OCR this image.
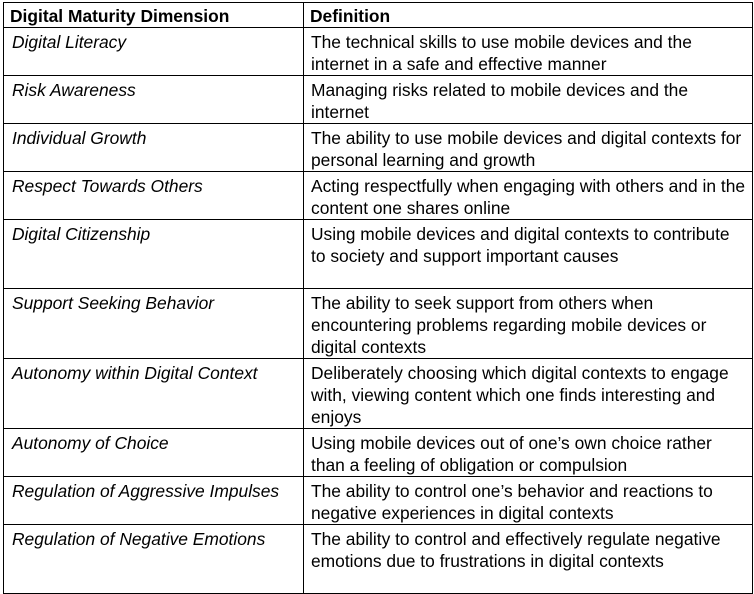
Digital Maturity Dimension	Definition
Digital Literacy	The technical skills to use mobile devices and the internet in a safe and effective manner
Risk Awareness	Managing risks related to mobile devices and the internet
Individual Growth	The ability to use mobile devices and digital contexts for personal learning and growth
Respect Towards Others	Acting respectfully when engaging with others and in the content one shares online
Digital Citizenship	Using mobile devices and digital contexts to contribute to society and support important causes
Support Seeking Behavior	The ability to seek support from others when encountering problems regarding mobile devices or digital contexts
Autonomy within Digital Context	Deliberately choosing which digital contexts to engage with, viewing content which one finds interesting and enjoys
Autonomy of Choice	Using mobile devices out of one’s own choice rather than a feeling of obligation or compulsion
Regulation of Aggressive Impulses	The ability to control one’s behavior and reactions to negative experiences in digital contexts
Regulation of Negative Emotions	The ability to control and effectively regulate negative emotions due to frustrations in digital contexts
